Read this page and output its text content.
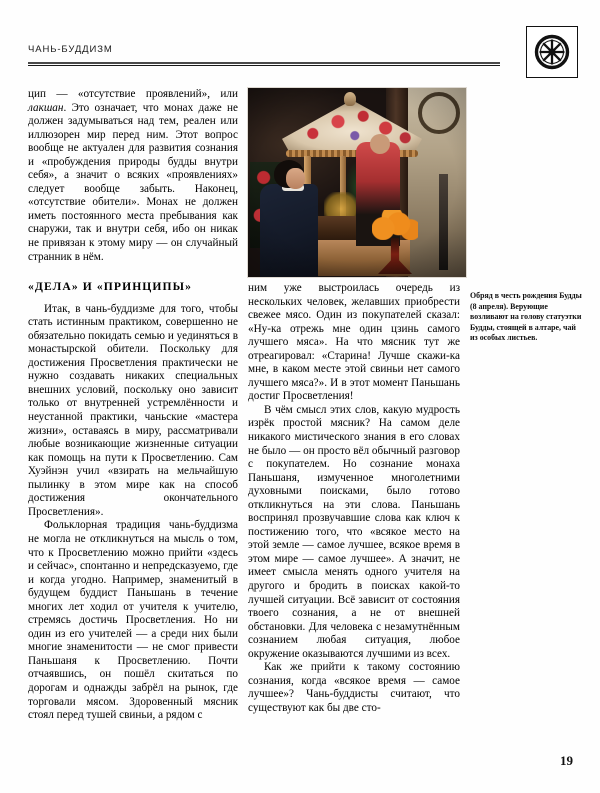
ЧАНЬ-БУДДИЗМ
Обряд в честь рождения Будды (8 апреля). Верующие возливают на голову статуэтки Будды, стоящей в алтаре, чай из особых листьев.

цип — «отсутствие проявлений», или лакшан. Это означает, что монах даже не должен задумываться над тем, реален или иллюзорен мир перед ним. Этот вопрос вообще не актуален для развития сознания и «пробуждения природы будды внутри себя», а значит о всяких «проявлениях» следует вообще забыть. Наконец, «отсутствие обители». Монах не должен иметь постоянного места пребывания как снаружи, так и внутри себя, ибо он никак не привязан к этому миру — он случайный странник в нём.

«ДЕЛА» И «ПРИНЦИПЫ»

Итак, в чань-буддизме для того, чтобы стать истинным практиком, совершенно не обязательно покидать семью и уединяться в монастырской обители. Поскольку для достижения Просветления практически не нужно создавать никаких специальных внешних условий, поскольку оно зависит только от внутренней устремлённости и неустанной практики, чаньские «мастера жизни», оставаясь в миру, рассматривали любые возникающие жизненные ситуации как помощь на пути к Просветлению. Сам Хуэйнэн учил «взирать на мельчайшую пылинку в этом мире как на способ достижения окончательного Просветления».

Фольклорная традиция чань-буддизма не могла не откликнуться на мысль о том, что к Просветлению можно прийти «здесь и сейчас», спонтанно и непредсказуемо, где и когда угодно. Например, знаменитый в будущем буддист Паньшань в течение многих лет ходил от учителя к учителю, стремясь достичь Просветления. Но ни один из его учителей — а среди них были многие знаменитости — не смог привести Паньшаня к Просветлению. Почти отчаявшись, он пошёл скитаться по дорогам и однажды забрёл на рынок, где торговали мясом. Здоровенный мясник стоял перед тушей свиньи, а рядом с

ним уже выстроилась очередь из нескольких человек, желавших приобрести свежее мясо. Один из покупателей сказал: «Ну-ка отрежь мне один цзинь самого лучшего мяса». На что мясник тут же отреагировал: «Старина! Лучше скажи-ка мне, в каком месте этой свиньи нет самого лучшего мяса?». И в этот момент Паньшань достиг Просветления!

В чём смысл этих слов, какую мудрость изрёк простой мясник? На самом деле никакого мистического знания в его словах не было — он просто вёл обычный разговор с покупателем. Но сознание монаха Паньшаня, измученное многолетними духовными поисками, было готово откликнуться на эти слова. Паньшань воспринял прозвучавшие слова как ключ к постижению того, что «всякое место на этой земле — самое лучшее, всякое время в этом мире — самое лучшее». А значит, не имеет смысла менять одного учителя на другого и бродить в поисках какой-то лучшей ситуации. Всё зависит от состояния твоего сознания, а не от внешней обстановки. Для человека с незамутнённым сознанием любая ситуация, любое окружение оказываются лучшими из всех.

Как же прийти к такому состоянию сознания, когда «всякое время — самое лучшее»? Чань-буддисты считают, что существуют как бы две сто-

19
